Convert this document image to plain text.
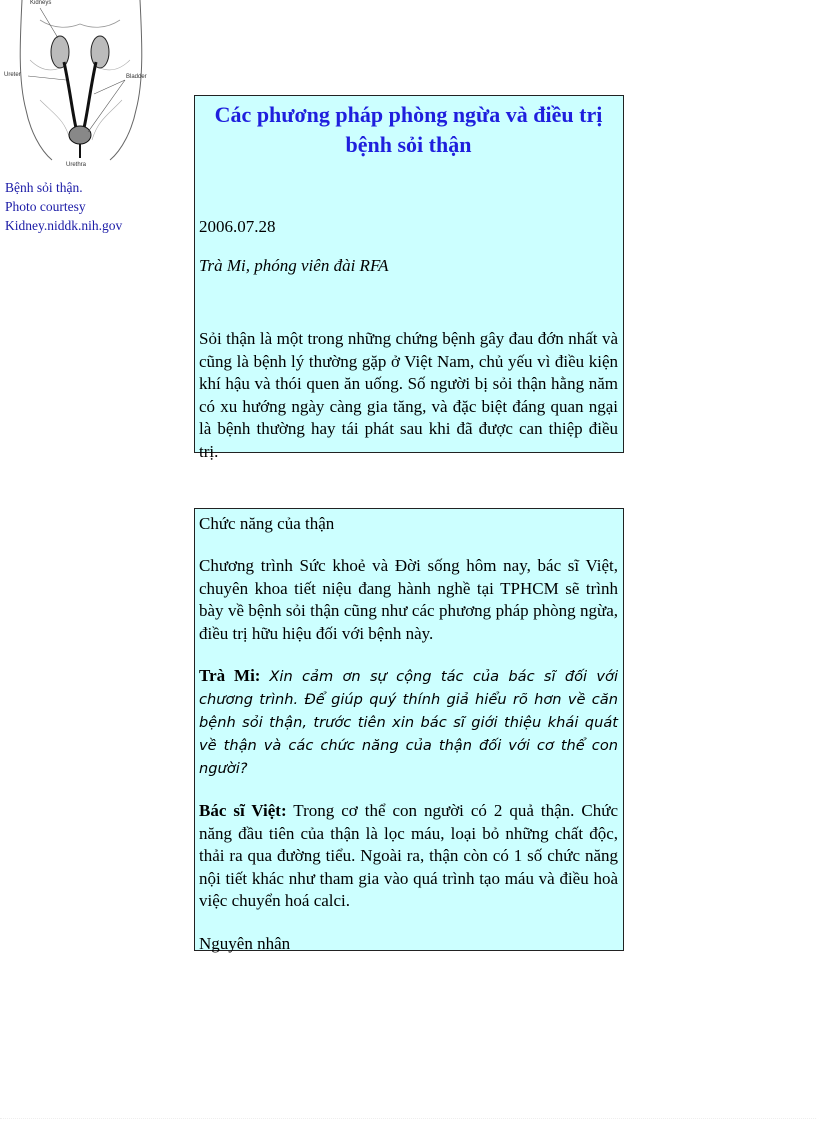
Kidneys
Ureter	Bladder
Urethra
Bệnh sỏi thận.
Photo courtesy
Kidney.niddk.nih.gov
Các phương pháp phòng ngừa và điều trị bệnh sỏi thận
2006.07.28
Trà Mi, phóng viên đài RFA

Sỏi thận là một trong những chứng bệnh gây đau đớn nhất và cũng là bệnh lý thường gặp ở Việt Nam, chủ yếu vì điều kiện khí hậu và thói quen ăn uống. Số người bị sỏi thận hằng năm có xu hướng ngày càng gia tăng, và đặc biệt đáng quan ngại là bệnh thường hay tái phát sau khi đã được can thiệp điều trị.

Chức năng của thận

Chương trình Sức khoẻ và Đời sống hôm nay, bác sĩ Việt, chuyên khoa tiết niệu đang hành nghề tại TPHCM sẽ trình bày về bệnh sỏi thận cũng như các phương pháp phòng ngừa, điều trị hữu hiệu đối với bệnh này.

Trà Mi: Xin cảm ơn sự cộng tác của bác sĩ đối với chương trình. Để giúp quý thính giả hiểu rõ hơn về căn bệnh sỏi thận, trước tiên xin bác sĩ giới thiệu khái quát về thận và các chức năng của thận đối với cơ thể con người?

Bác sĩ Việt: Trong cơ thể con người có 2 quả thận. Chức năng đầu tiên của thận là lọc máu, loại bỏ những chất độc, thải ra qua đường tiểu. Ngoài ra, thận còn có 1 số chức năng nội tiết khác như tham gia vào quá trình tạo máu và điều hoà việc chuyển hoá calci.

Nguyên nhân
